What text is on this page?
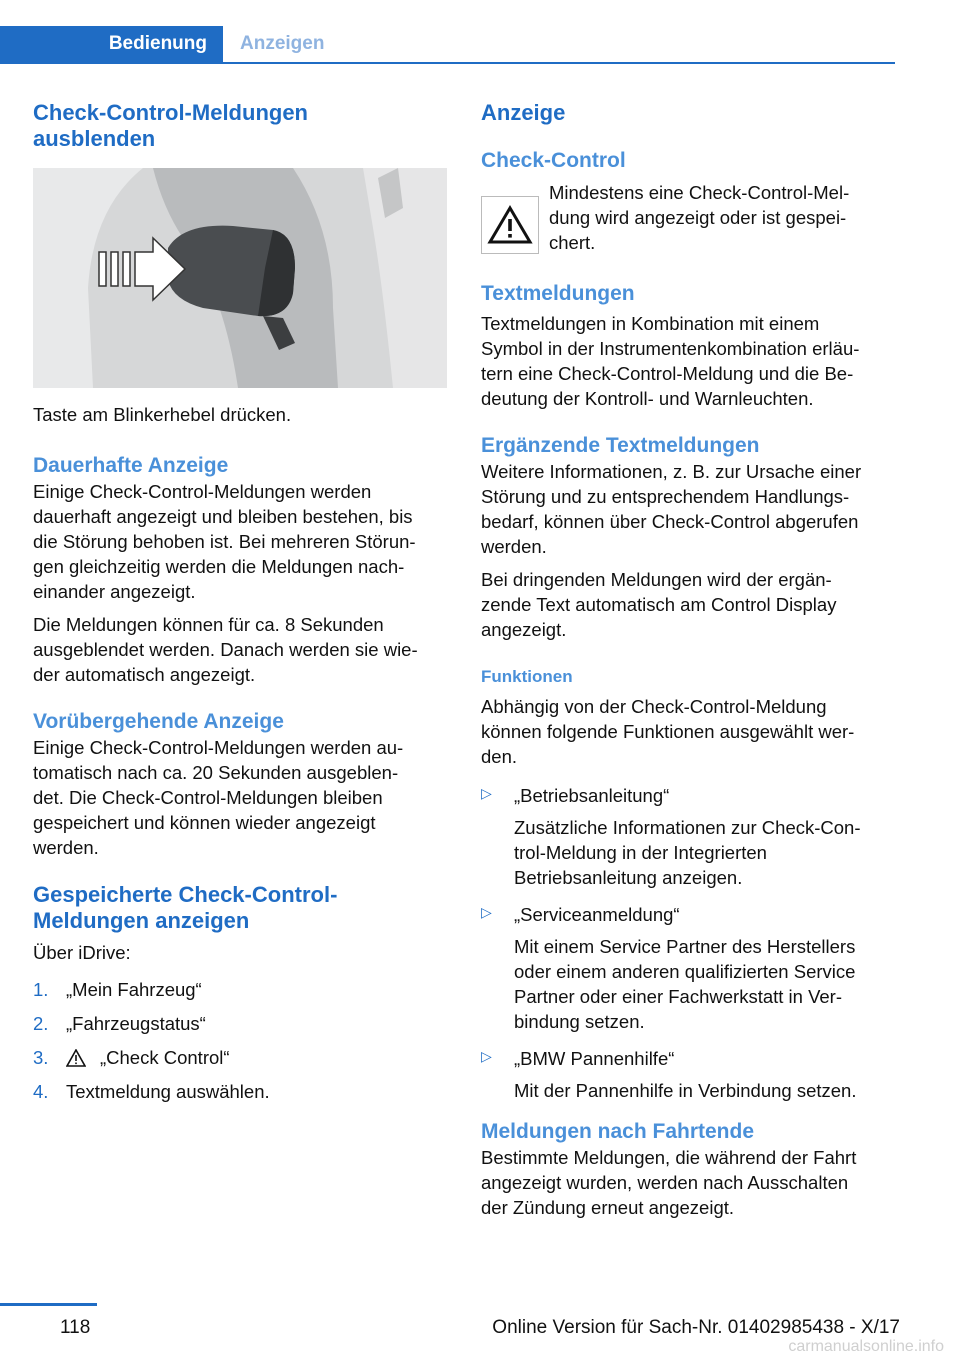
Bedienung	Anzeigen
Check-Control-Meldungen
ausblenden

Taste am Blinkerhebel drücken.

Dauerhafte Anzeige

Einige Check-Control-Meldungen werden
dauerhaft angezeigt und bleiben bestehen, bis
die Störung behoben ist. Bei mehreren Störun‐
gen gleichzeitig werden die Meldungen nach‐
einander angezeigt.

Die Meldungen können für ca. 8 Sekunden
ausgeblendet werden. Danach werden sie wie‐
der automatisch angezeigt.

Vorübergehende Anzeige

Einige Check-Control-Meldungen werden au‐
tomatisch nach ca. 20 Sekunden ausgeblen‐
det. Die Check-Control-Meldungen bleiben
gespeichert und können wieder angezeigt
werden.

Gespeicherte Check-Control-
Meldungen anzeigen

Über iDrive:

1. „Mein Fahrzeug“
2. „Fahrzeugstatus“
3.	„Check Control“
4. Textmeldung auswählen.
Anzeige
Check-Control

Mindestens eine Check-Control-Mel‐
dung wird angezeigt oder ist gespei‐
chert.

Textmeldungen

Textmeldungen in Kombination mit einem
Symbol in der Instrumentenkombination erläu‐
tern eine Check-Control-Meldung und die Be‐
deutung der Kontroll- und Warnleuchten.

Ergänzende Textmeldungen

Weitere Informationen, z. B. zur Ursache einer
Störung und zu entsprechendem Handlungs‐
bedarf, können über Check-Control abgerufen
werden.

Bei dringenden Meldungen wird der ergän‐
zende Text automatisch am Control Display
angezeigt.

Funktionen

Abhängig von der Check-Control-Meldung
können folgende Funktionen ausgewählt wer‐
den.

▷ „Betriebsanleitung“

Zusätzliche Informationen zur Check-Con‐
trol-Meldung in der Integrierten
Betriebsanleitung anzeigen.

▷ „Serviceanmeldung“

Mit einem Service Partner des Herstellers
oder einem anderen qualifizierten Service
Partner oder einer Fachwerkstatt in Ver‐
bindung setzen.

▷ „BMW Pannenhilfe“

Mit der Pannenhilfe in Verbindung setzen.

Meldungen nach Fahrtende

Bestimmte Meldungen, die während der Fahrt
angezeigt wurden, werden nach Ausschalten
der Zündung erneut angezeigt.

118	Online Version für Sach-Nr. 01402985438 - X/17
carmanualsonline.info
